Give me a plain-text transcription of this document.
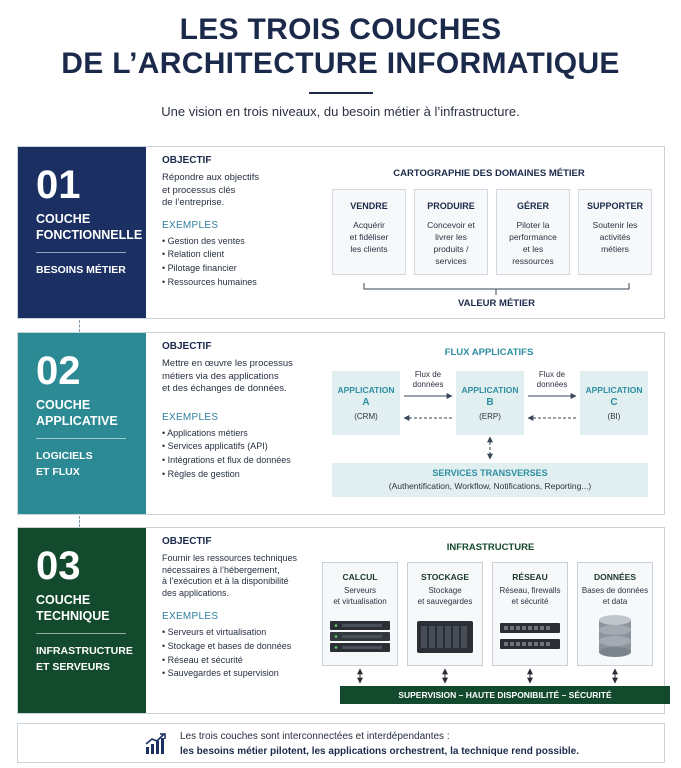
LES TROIS COUCHES
DE L’ARCHITECTURE INFORMATIQUE
Une vision en trois niveaux, du besoin métier à l’infrastructure.
01
COUCHE
FONCTIONNELLE
BESOINS MÉTIER
OBJECTIF
Répondre aux objectifs
et processus clés
de l’entreprise.
EXEMPLES
• Gestion des ventes
• Relation client
• Pilotage financier
• Ressources humaines
CARTOGRAPHIE DES DOMAINES MÉTIER
VENDRE
Acquérir
et fidéliser
les clients
PRODUIRE
Concevoir et
livrer les
produits /
services
GÉRER
Piloter la
performance
et les
ressources
SUPPORTER
Soutenir les
activités
métiers
VALEUR MÉTIER
02
COUCHE
APPLICATIVE
LOGICIELS
ET FLUX
OBJECTIF
Mettre en œuvre les processus
métiers via des applications
et des échanges de données.
EXEMPLES
• Applications métiers
• Services applicatifs (API)
• Intégrations et flux de données
• Règles de gestion
FLUX APPLICATIFS
APPLICATION
A
(CRM)
APPLICATION
B
(ERP)
APPLICATION
C
(BI)
Flux de
données
Flux de
données
SERVICES TRANSVERSES
(Authentification, Workflow, Notifications, Reporting...)
03
COUCHE
TECHNIQUE
INFRASTRUCTURE
ET SERVEURS
OBJECTIF
Fournir les ressources techniques
nécessaires à l’hébergement,
à l’exécution et à la disponibilité
des applications.
EXEMPLES
• Serveurs et virtualisation
• Stockage et bases de données
• Réseau et sécurité
• Sauvegardes et supervision
INFRASTRUCTURE
CALCUL
Serveurs
et virtualisation
STOCKAGE
Stockage
et sauvegardes
RÉSEAU
Réseau, firewalls
et sécurité
DONNÉES
Bases de données
et data
SUPERVISION – HAUTE DISPONIBILITÉ – SÉCURITÉ
Les trois couches sont interconnectées et interdépendantes :
les besoins métier pilotent, les applications orchestrent, la technique rend possible.
